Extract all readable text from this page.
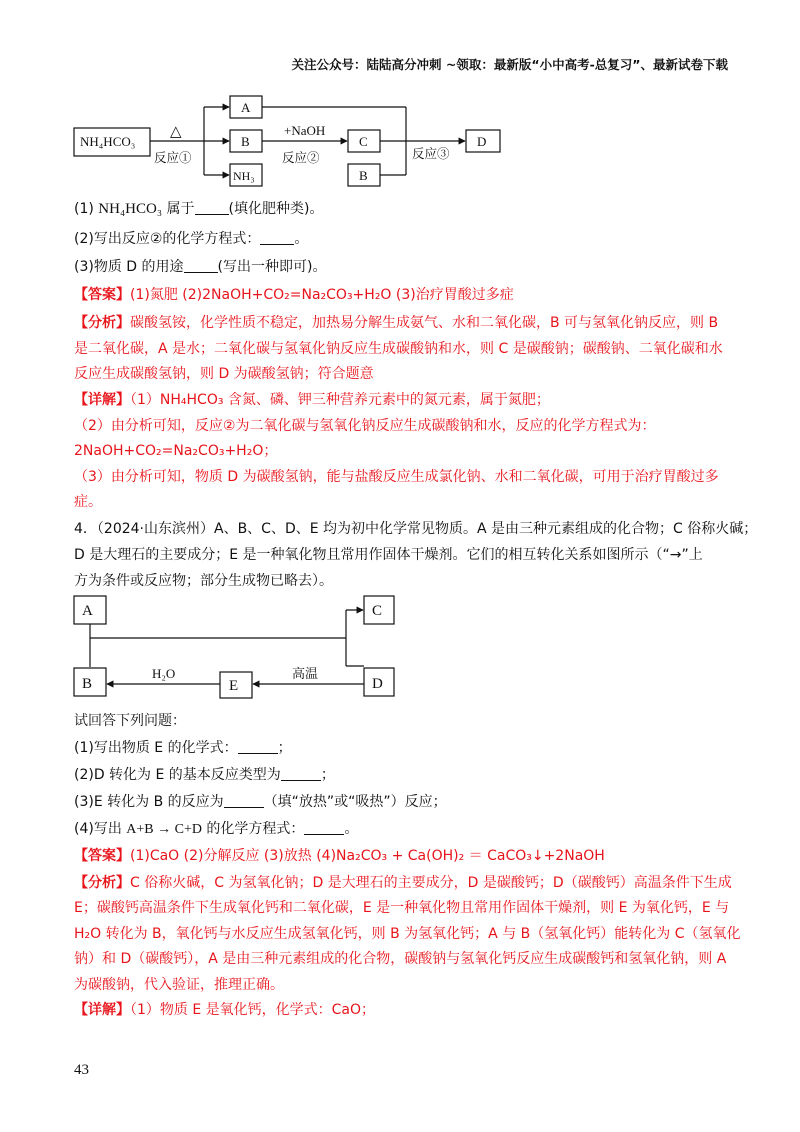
关注公众号：陆陆高分冲刺 ~领取：最新版“小中高考-总复习”、最新试卷下载
NH₄HCO₃
△
反应①
A
B
NH₃
+NaOH
反应②
C
B
反应③
D
(1) NH₄HCO₃ 属于 (填化肥种类)。
(2)写出反应②的化学方程式： 。
(3)物质 D 的用途 (写出一种即可)。
【答案】(1)氮肥 (2)2NaOH+CO₂=Na₂CO₃+H₂O (3)治疗胃酸过多症
【分析】碳酸氢铵，化学性质不稳定，加热易分解生成氨气、水和二氧化碳，B 可与氢氧化钠反应，则 B
是二氧化碳，A 是水；二氧化碳与氢氧化钠反应生成碳酸钠和水，则 C 是碳酸钠；碳酸钠、二氧化碳和水
反应生成碳酸氢钠，则 D 为碳酸氢钠；符合题意
【详解】（1）NH₄HCO₃ 含氮、磷、钾三种营养元素中的氮元素，属于氮肥；
（2）由分析可知，反应②为二氧化碳与氢氧化钠反应生成碳酸钠和水，反应的化学方程式为：
2NaOH+CO₂=Na₂CO₃+H₂O；
（3）由分析可知，物质 D 为碳酸氢钠，能与盐酸反应生成氯化钠、水和二氧化碳，可用于治疗胃酸过多
症。
4．（2024·山东滨州）A、B、C、D、E 均为初中化学常见物质。A 是由三种元素组成的化合物；C 俗称火碱；
D 是大理石的主要成分；E 是一种氧化物且常用作固体干燥剂。它们的相互转化关系如图所示（“→”上
方为条件或反应物；部分生成物已略去）。
A
B
C
D
E
H₂O	高温
试回答下列问题：
(1)写出物质 E 的化学式：	；
(2)D 转化为 E 的基本反应类型为	；
(3)E 转化为 B 的反应为	（填“放热”或“吸热”）反应；
(4)写出 A+B → C+D 的化学方程式：	。
【答案】(1)CaO (2)分解反应 (3)放热 (4)Na₂CO₃ + Ca(OH)₂ ＝ CaCO₃↓+2NaOH
【分析】C 俗称火碱，C 为氢氧化钠；D 是大理石的主要成分，D 是碳酸钙；D（碳酸钙）高温条件下生成
E；碳酸钙高温条件下生成氧化钙和二氧化碳，E 是一种氧化物且常用作固体干燥剂，则 E 为氧化钙，E 与
H₂O 转化为 B，氧化钙与水反应生成氢氧化钙，则 B 为氢氧化钙；A 与 B（氢氧化钙）能转化为 C（氢氧化
钠）和 D（碳酸钙），A 是由三种元素组成的化合物，碳酸钠与氢氧化钙反应生成碳酸钙和氢氧化钠，则 A
为碳酸钠，代入验证，推理正确。
【详解】（1）物质 E 是氧化钙，化学式：CaO；
43
